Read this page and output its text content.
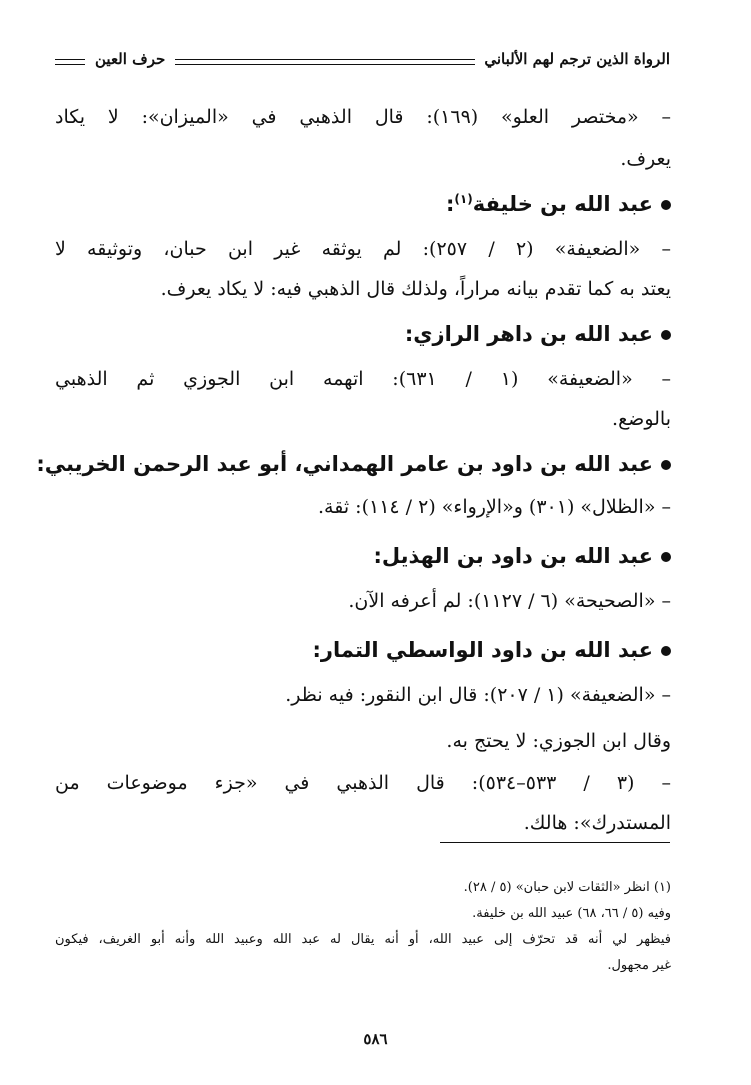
الرواة الذين ترجم لهم الألباني
حرف العين
– «مختصر العلو» (١٦٩): قال الذهبي في «الميزان»: لا يكاد
يعرف.
عبد الله بن خليفة$^{(١)}$:
– «الضعيفة» (٢ / ٢٥٧): لم يوثقه غير ابن حبان، وتوثيقه لا
يعتد به كما تقدم بيانه مراراً، ولذلك قال الذهبي فيه: لا يكاد يعرف.
عبد الله بن داهر الرازي:
– «الضعيفة» (١ / ٦٣١): اتهمه ابن الجوزي ثم الذهبي
بالوضع.
عبد الله بن داود بن عامر الهمداني، أبو عبد الرحمن الخريبي:
– «الظلال» (٣٠١) و«الإرواء» (٢ / ١١٤): ثقة.
عبد الله بن داود بن الهذيل:
– «الصحيحة» (٦ / ١١٢٧): لم أعرفه الآن.
عبد الله بن داود الواسطي التمار:
– «الضعيفة» (١ / ٢٠٧): قال ابن النقور: فيه نظر.
وقال ابن الجوزي: لا يحتج به.
– (٣ / ٥٣٣–٥٣٤): قال الذهبي في «جزء موضوعات من
المستدرك»: هالك.
(١) انظر «الثقات لابن حبان» (٥ / ٢٨).
وفيه (٥ / ٦٦، ٦٨) عبيد الله بن خليفة.
فيظهر لي أنه قد تحرّف إلى عبيد الله، أو أنه يقال له عبد الله وعبيد الله وأنه أبو الغريف، فيكون
غير مجهول.
٥٨٦
